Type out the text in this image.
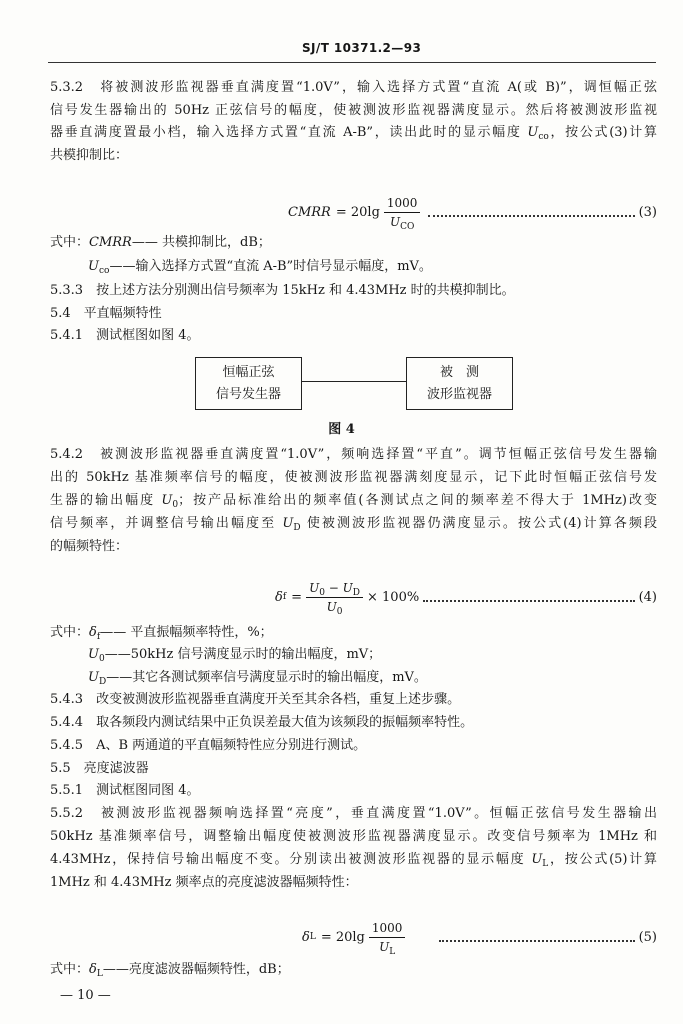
SJ/T 10371.2—93
5.3.2　将被测波形监视器垂直满度置“1.0V”，输入选择方式置“直流 A(或 B)”，调恒幅正弦
信号发生器输出的 50Hz 正弦信号的幅度，使被测波形监视器满度显示。然后将被测波形监视
器垂直满度置最小档，输入选择方式置“直流 A-B”，读出此时的显示幅度 $U_{co}$，按公式(3)计算
共模抑制比：
CMRR = $20\lg \frac{1000}{U_{CO}}$	(3)
式中：CMRR—— 共模抑制比，dB；
$U_{co}——$输入选择方式置“直流 A-B”时信号显示幅度，mV。
5.3.3　按上述方法分别测出信号频率为 15kHz 和 4.43MHz 时的共模抑制比。
5.4　平直幅频特性
5.4.1　测试框图如图 4。
恒幅正弦
信号发生器
被　测
波形监视器
图 4
5.4.2　被测波形监视器垂直满度置“1.0V”，频响选择置“平直”。调节恒幅正弦信号发生器输
出的 50kHz 基准频率信号的幅度，使被测波形监视器满刻度显示，记下此时恒幅正弦信号发
生器的输出幅度 $U_0$；按产品标准给出的频率值(各测试点之间的频率差不得大于 1MHz)改变
信号频率，并调整信号输出幅度至 $U_D$ 使被测波形监视器仍满度显示。按公式(4)计算各频段
的幅频特性：
δ $f = \frac{U_0 - U_D}{U_0} \times 100\%$	(4)
式中：$\delta_f——$ 平直振幅频率特性，%；
$U_0——50kHz$ 信号满度显示时的输出幅度，mV；
$U_D——$其它各测试频率信号满度显示时的输出幅度，mV。
5.4.3　改变被测波形监视器垂直满度开关至其余各档，重复上述步骤。
5.4.4　取各频段内测试结果中正负误差最大值为该频段的振幅频率特性。
5.4.5　A、B 两通道的平直幅频特性应分别进行测试。
5.5　亮度滤波器
5.5.1　测试框图同图 4。
5.5.2　被测波形监视器频响选择置“亮度”，垂直满度置“1.0V”。恒幅正弦信号发生器输出
50kHz 基准频率信号，调整输出幅度使被测波形监视器满度显示。改变信号频率为 1MHz 和
4.43MHz，保持信号输出幅度不变。分别读出被测波形监视器的显示幅度 $U_L$，按公式(5)计算
1MHz 和 4.43MHz 频率点的亮度滤波器幅频特性：
δ $L = 20\lg \frac{1000}{U_L}$	(5)
式中：$\delta_L——$亮度滤波器幅频特性，dB；
— 10 —
